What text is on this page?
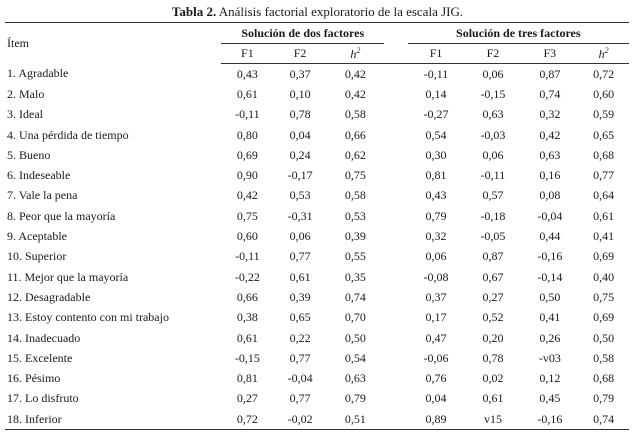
Tabla 2. Análisis factorial exploratorio de la escala JIG.
Ítem	Solución de dos factores				Solución de tres factores			
	F1	F2	$h^2$		F1	F2	F3	$h^2$
1. Agradable	0,43	0,37	0,42		-0,11	0,06	0,87	0,72
2. Malo	0,61	0,10	0,42		0,14	-0,15	0,74	0,60
3. Ideal	-0,11	0,78	0,58		-0,27	0,63	0,32	0,59
4. Una pérdida de tiempo	0,80	0,04	0,66		0,54	-0,03	0,42	0,65
5. Bueno	0,69	0,24	0,62		0,30	0,06	0,63	0,68
6. Indeseable	0,90	-0,17	0,75		0,81	-0,11	0,16	0,77
7. Vale la pena	0,42	0,53	0,58		0,43	0,57	0,08	0,64
8. Peor que la mayoría	0,75	-0,31	0,53		0,79	-0,18	-0,04	0,61
9. Aceptable	0,60	0,06	0,39		0,32	-0,05	0,44	0,41
10. Superior	-0,11	0,77	0,55		0,06	0,87	-0,16	0,69
11. Mejor que la mayoría	-0,22	0,61	0,35		-0,08	0,67	-0,14	0,40
12. Desagradable	0,66	0,39	0,74		0,37	0,27	0,50	0,75
13. Estoy contento con mi trabajo	0,38	0,65	0,70		0,17	0,52	0,41	0,69
14. Inadecuado	0,61	0,22	0,50		0,47	0,20	0,26	0,50
15. Excelente	-0,15	0,77	0,54		-0,06	0,78	-v03	0,58
16. Pésimo	0,81	-0,04	0,63		0,76	0,02	0,12	0,68
17. Lo disfruto	0,27	0,77	0,79		0,04	0,61	0,45	0,79
18. Inferior	0,72	-0,02	0,51		0,89	v15	-0,16	0,74
